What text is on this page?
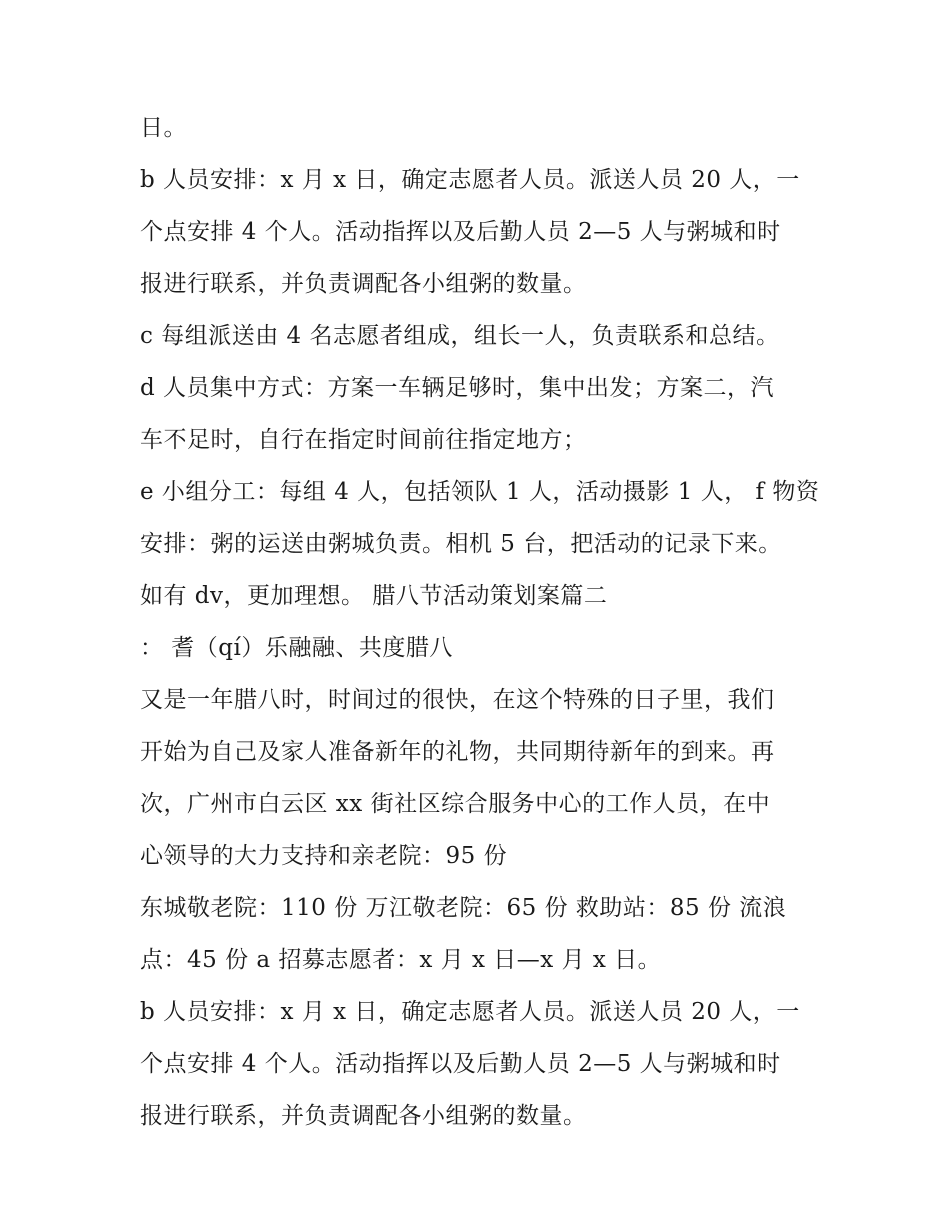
日。
b 人员安排：x 月 x 日，确定志愿者人员。派送人员 20 人，一
个点安排 4 个人。活动指挥以及后勤人员 2—5 人与粥城和时
报进行联系，并负责调配各小组粥的数量。
c 每组派送由 4 名志愿者组成，组长一人，负责联系和总结。
d 人员集中方式：方案一车辆足够时，集中出发；方案二，汽
车不足时，自行在指定时间前往指定地方；
e 小组分工：每组 4 人，包括领队 1 人，活动摄影 1 人， f 物资
安排：粥的运送由粥城负责。相机 5 台，把活动的记录下来。
如有 dv，更加理想。 腊八节活动策划案篇二
： 耆（qí）乐融融、共度腊八
又是一年腊八时，时间过的很快，在这个特殊的日子里，我们
开始为自己及家人准备新年的礼物，共同期待新年的到来。再
次，广州市白云区 xx 街社区综合服务中心的工作人员，在中
心领导的大力支持和亲老院：95 份
东城敬老院：110 份 万江敬老院：65 份 救助站：85 份 流浪
点：45 份 a 招募志愿者：x 月 x 日—x 月 x 日。
b 人员安排：x 月 x 日，确定志愿者人员。派送人员 20 人，一
个点安排 4 个人。活动指挥以及后勤人员 2—5 人与粥城和时
报进行联系，并负责调配各小组粥的数量。
